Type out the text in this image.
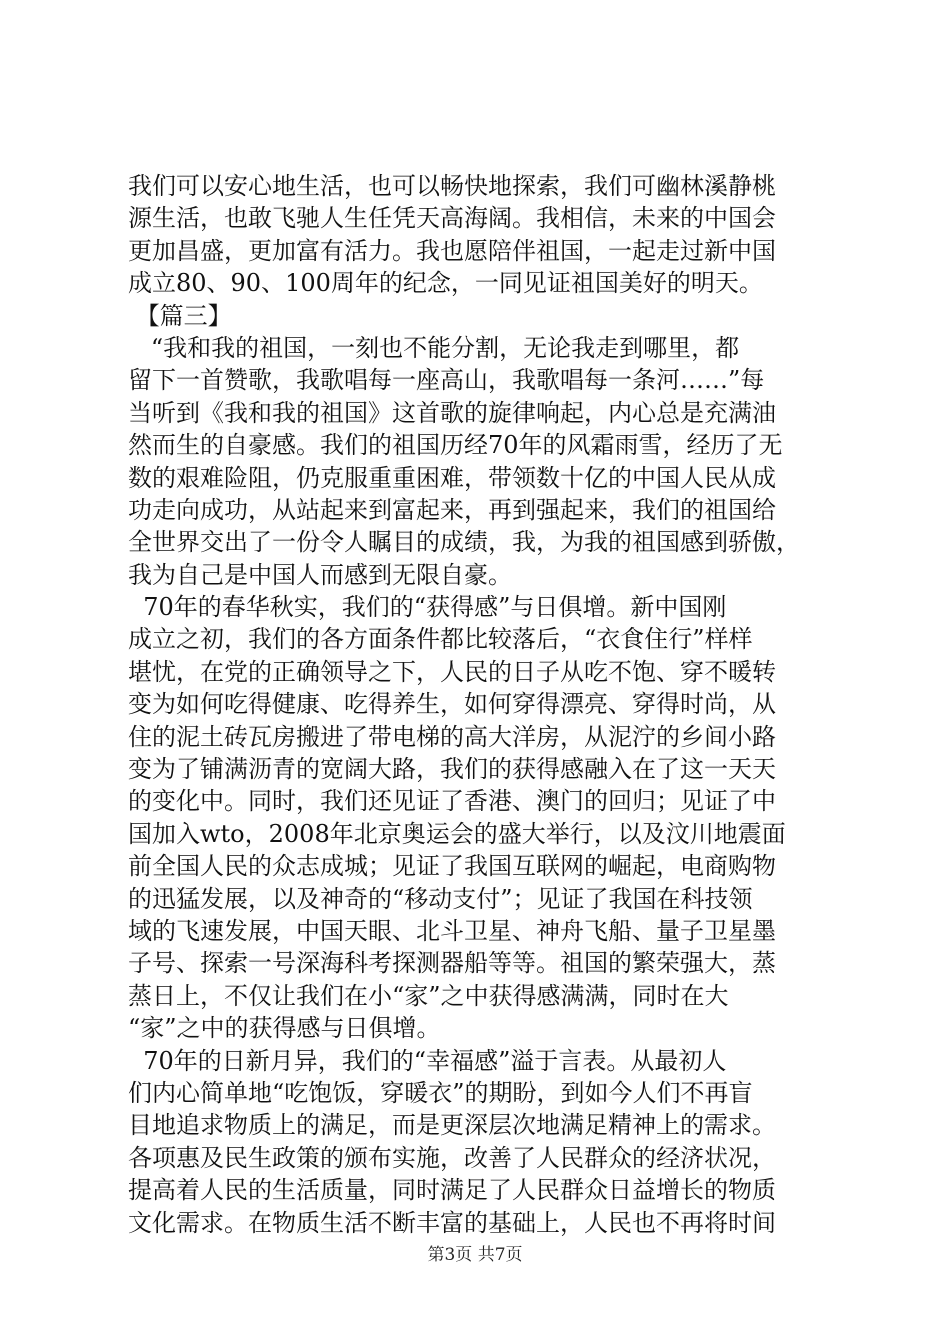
我们可以安心地生活，也可以畅快地探索，我们可幽林溪静桃
源生活，也敢飞驰人生任凭天高海阔。我相信，未来的中国会
更加昌盛，更加富有活力。我也愿陪伴祖国，一起走过新中国
成立80、90、100周年的纪念，一同见证祖国美好的明天。
【篇三】
“我和我的祖国，一刻也不能分割，无论我走到哪里，都
留下一首赞歌，我歌唱每一座高山，我歌唱每一条河……”每
当听到《我和我的祖国》这首歌的旋律响起，内心总是充满油
然而生的自豪感。我们的祖国历经70年的风霜雨雪，经历了无
数的艰难险阻，仍克服重重困难，带领数十亿的中国人民从成
功走向成功，从站起来到富起来，再到强起来，我们的祖国给
全世界交出了一份令人瞩目的成绩，我，为我的祖国感到骄傲，
我为自己是中国人而感到无限自豪。
70年的春华秋实，我们的“获得感”与日俱增。新中国刚
成立之初，我们的各方面条件都比较落后，“衣食住行”样样
堪忧，在党的正确领导之下，人民的日子从吃不饱、穿不暖转
变为如何吃得健康、吃得养生，如何穿得漂亮、穿得时尚，从
住的泥土砖瓦房搬进了带电梯的高大洋房，从泥泞的乡间小路
变为了铺满沥青的宽阔大路，我们的获得感融入在了这一天天
的变化中。同时，我们还见证了香港、澳门的回归；见证了中
国加入wto，2008年北京奥运会的盛大举行，以及汶川地震面
前全国人民的众志成城；见证了我国互联网的崛起，电商购物
的迅猛发展，以及神奇的“移动支付”；见证了我国在科技领
域的飞速发展，中国天眼、北斗卫星、神舟飞船、量子卫星墨
子号、探索一号深海科考探测器船等等。祖国的繁荣强大，蒸
蒸日上，不仅让我们在小“家”之中获得感满满，同时在大
“家”之中的获得感与日俱增。
70年的日新月异，我们的“幸福感”溢于言表。从最初人
们内心简单地“吃饱饭，穿暖衣”的期盼，到如今人们不再盲
目地追求物质上的满足，而是更深层次地满足精神上的需求。
各项惠及民生政策的颁布实施，改善了人民群众的经济状况，
提高着人民的生活质量，同时满足了人民群众日益增长的物质
文化需求。在物质生活不断丰富的基础上，人民也不再将时间
第3页 共7页
